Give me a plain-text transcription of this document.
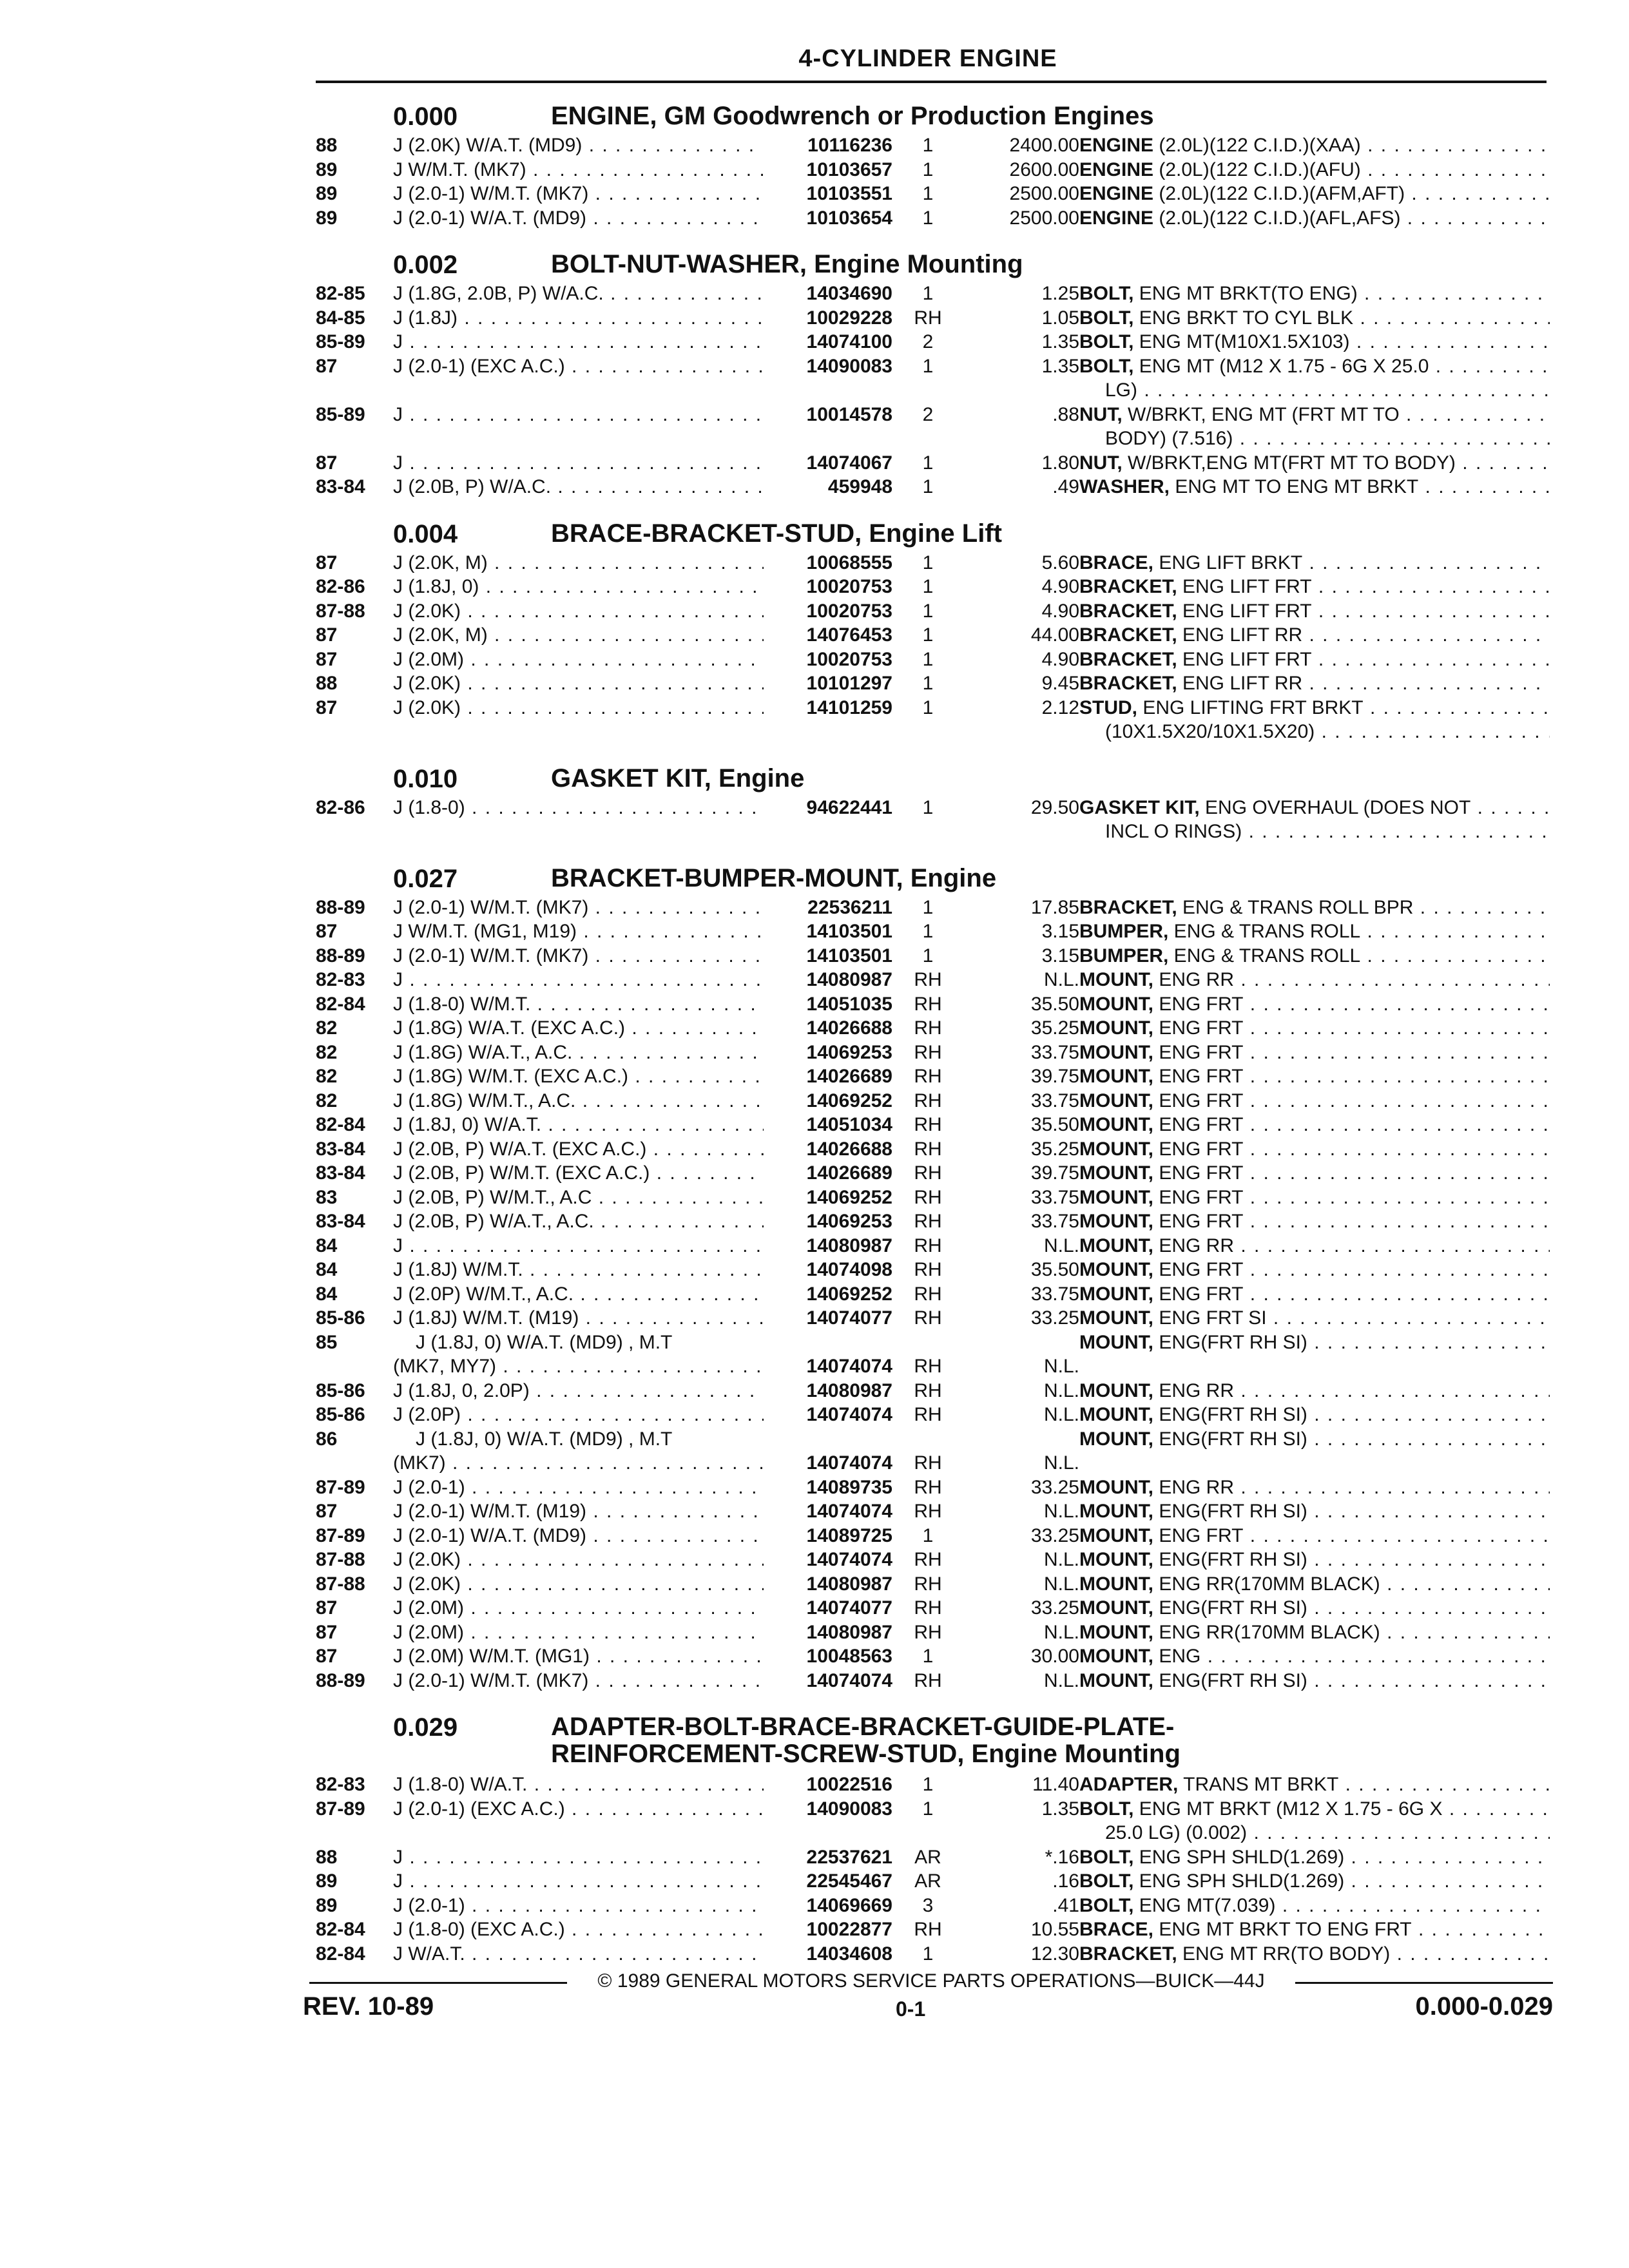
4-CYLINDER ENGINE
0.000	ENGINE, GM Goodwrench or Production Engines
88	J (2.0K) W/A.T. (MD9) . . .	10116236	1	2400.00 ENGINE (2.0L)(122 C.I.D.)(XAA) . . .
89	J W/M.T. (MK7) . . .	10103657	1	2600.00 ENGINE (2.0L)(122 C.I.D.)(AFU) . . .
89	J (2.0-1) W/M.T. (MK7) . . .	10103551	1	2500.00 ENGINE (2.0L)(122 C.I.D.)(AFM,AFT) . . .
89	J (2.0-1) W/A.T. (MD9) . . .	10103654	1	2500.00 ENGINE (2.0L)(122 C.I.D.)(AFL,AFS) . . .
0.002	BOLT-NUT-WASHER, Engine Mounting
82-85	J (1.8G, 2.0B, P) W/A.C. . . .	14034690	1	1.25 BOLT, ENG MT BRKT(TO ENG) . . .
84-85	J (1.8J) . . .	10029228	RH	1.05 BOLT, ENG BRKT TO CYL BLK . . .
85-89	J . . .	14074100	2	1.35 BOLT, ENG MT(M10X1.5X103) . . .
87	J (2.0-1) (EXC A.C.) . . .	14090083	1	1.35 BOLT, ENG MT (M12 X 1.75 - 6G X 25.0 . . .
LG) . . .
85-89	J . . .	10014578	2	.88 NUT, W/BRKT, ENG MT (FRT MT TO . . .
BODY) (7.516) . . .
87	J . . .	14074067	1	1.80 NUT, W/BRKT,ENG MT(FRT MT TO BODY) . . .
83-84	J (2.0B, P) W/A.C. . . .	459948	1	.49 WASHER, ENG MT TO ENG MT BRKT . . .
0.004	BRACE-BRACKET-STUD, Engine Lift
87	J (2.0K, M) . . .	10068555	1	5.60 BRACE, ENG LIFT BRKT . . .
82-86	J (1.8J, 0) . . .	10020753	1	4.90 BRACKET, ENG LIFT FRT . . .
87-88	J (2.0K) . . .	10020753	1	4.90 BRACKET, ENG LIFT FRT . . .
87	J (2.0K, M) . . .	14076453	1	44.00 BRACKET, ENG LIFT RR . . .
87	J (2.0M) . . .	10020753	1	4.90 BRACKET, ENG LIFT FRT . . .
88	J (2.0K) . . .	10101297	1	9.45 BRACKET, ENG LIFT RR . . .
87	J (2.0K) . . .	14101259	1	2.12 STUD, ENG LIFTING FRT BRKT . . .
(10X1.5X20/10X1.5X20) . . .
0.010	GASKET KIT, Engine
82-86	J (1.8-0) . . .	94622441	1	29.50 GASKET KIT, ENG OVERHAUL (DOES NOT . . .
INCL O RINGS) . . .
0.027	BRACKET-BUMPER-MOUNT, Engine
88-89	J (2.0-1) W/M.T. (MK7) . . .	22536211	1	17.85 BRACKET, ENG & TRANS ROLL BPR . . .
87	J W/M.T. (MG1, M19) . . .	14103501	1	3.15 BUMPER, ENG & TRANS ROLL . . .
88-89	J (2.0-1) W/M.T. (MK7) . . .	14103501	1	3.15 BUMPER, ENG & TRANS ROLL . . .
82-83	J . . .	14080987	RH	N.L. MOUNT, ENG RR . . .
82-84	J (1.8-0) W/M.T. . . .	14051035	RH	35.50 MOUNT, ENG FRT . . .
82	J (1.8G) W/A.T. (EXC A.C.) . . .	14026688	RH	35.25 MOUNT, ENG FRT . . .
82	J (1.8G) W/A.T., A.C. . . .	14069253	RH	33.75 MOUNT, ENG FRT . . .
82	J (1.8G) W/M.T. (EXC A.C.) . . .	14026689	RH	39.75 MOUNT, ENG FRT . . .
82	J (1.8G) W/M.T., A.C. . . .	14069252	RH	33.75 MOUNT, ENG FRT . . .
82-84	J (1.8J, 0) W/A.T. . . .	14051034	RH	35.50 MOUNT, ENG FRT . . .
83-84	J (2.0B, P) W/A.T. (EXC A.C.) . . .	14026688	RH	35.25 MOUNT, ENG FRT . . .
83-84	J (2.0B, P) W/M.T. (EXC A.C.) . . .	14026689	RH	39.75 MOUNT, ENG FRT . . .
83	J (2.0B, P) W/M.T., A.C . . .	14069252	RH	33.75 MOUNT, ENG FRT . . .
83-84	J (2.0B, P) W/A.T., A.C. . . .	14069253	RH	33.75 MOUNT, ENG FRT . . .
84	J . . .	14080987	RH	N.L. MOUNT, ENG RR . . .
84	J (1.8J) W/M.T. . . .	14074098	RH	35.50 MOUNT, ENG FRT . . .
84	J (2.0P) W/M.T., A.C. . . .	14069252	RH	33.75 MOUNT, ENG FRT . . .
85-86	J (1.8J) W/M.T. (M19) . . .	14074077	RH	33.25 MOUNT, ENG FRT SI . . .
85	J (1.8J, 0) W/A.T. (MD9) , M.T
(MK7, MY7) . . .	14074074	RH	N.L.
MOUNT, ENG(FRT RH SI) . . .
85-86	J (1.8J, 0, 2.0P) . . .	14080987	RH	N.L. MOUNT, ENG RR . . .
85-86	J (2.0P) . . .	14074074	RH	N.L. MOUNT, ENG(FRT RH SI) . . .
86	J (1.8J, 0) W/A.T. (MD9) , M.T
(MK7) . . .	14074074	RH	N.L.
MOUNT, ENG(FRT RH SI) . . .
87-89	J (2.0-1) . . .	14089735	RH	33.25 MOUNT, ENG RR . . .
87	J (2.0-1) W/M.T. (M19) . . .	14074074	RH	N.L. MOUNT, ENG(FRT RH SI) . . .
87-89	J (2.0-1) W/A.T. (MD9) . . .	14089725	1	33.25 MOUNT, ENG FRT . . .
87-88	J (2.0K) . . .	14074074	RH	N.L. MOUNT, ENG(FRT RH SI) . . .
87-88	J (2.0K) . . .	14080987	RH	N.L. MOUNT, ENG RR(170MM BLACK) . . .
87	J (2.0M) . . .	14074077	RH	33.25 MOUNT, ENG(FRT RH SI) . . .
87	J (2.0M) . . .	14080987	RH	N.L. MOUNT, ENG RR(170MM BLACK) . . .
87	J (2.0M) W/M.T. (MG1) . . .	10048563	1	30.00 MOUNT, ENG . . .
88-89	J (2.0-1) W/M.T. (MK7) . . .	14074074	RH	N.L. MOUNT, ENG(FRT RH SI) . . .
0.029	ADAPTER-BOLT-BRACE-BRACKET-GUIDE-PLATE-
REINFORCEMENT-SCREW-STUD, Engine Mounting
82-83	J (1.8-0) W/A.T. . . .	10022516	1	11.40 ADAPTER, TRANS MT BRKT . . .
87-89	J (2.0-1) (EXC A.C.) . . .	14090083	1	1.35 BOLT, ENG MT BRKT (M12 X 1.75 - 6G X . . .
25.0 LG) (0.002) . . .
88	J . . .	22537621	AR	*.16 BOLT, ENG SPH SHLD(1.269) . . .
89	J . . .	22545467	AR	.16 BOLT, ENG SPH SHLD(1.269) . . .
89	J (2.0-1) . . .	14069669	3	.41 BOLT, ENG MT(7.039) . . .
82-84	J (1.8-0) (EXC A.C.) . . .	10022877	RH	10.55 BRACE, ENG MT BRKT TO ENG FRT . . .
82-84	J W/A.T. . . .	14034608	1	12.30 BRACKET, ENG MT RR(TO BODY) . . .
© 1989 GENERAL MOTORS SERVICE PARTS OPERATIONS—BUICK—44J
REV. 10-89	0-1	0.000-0.029
